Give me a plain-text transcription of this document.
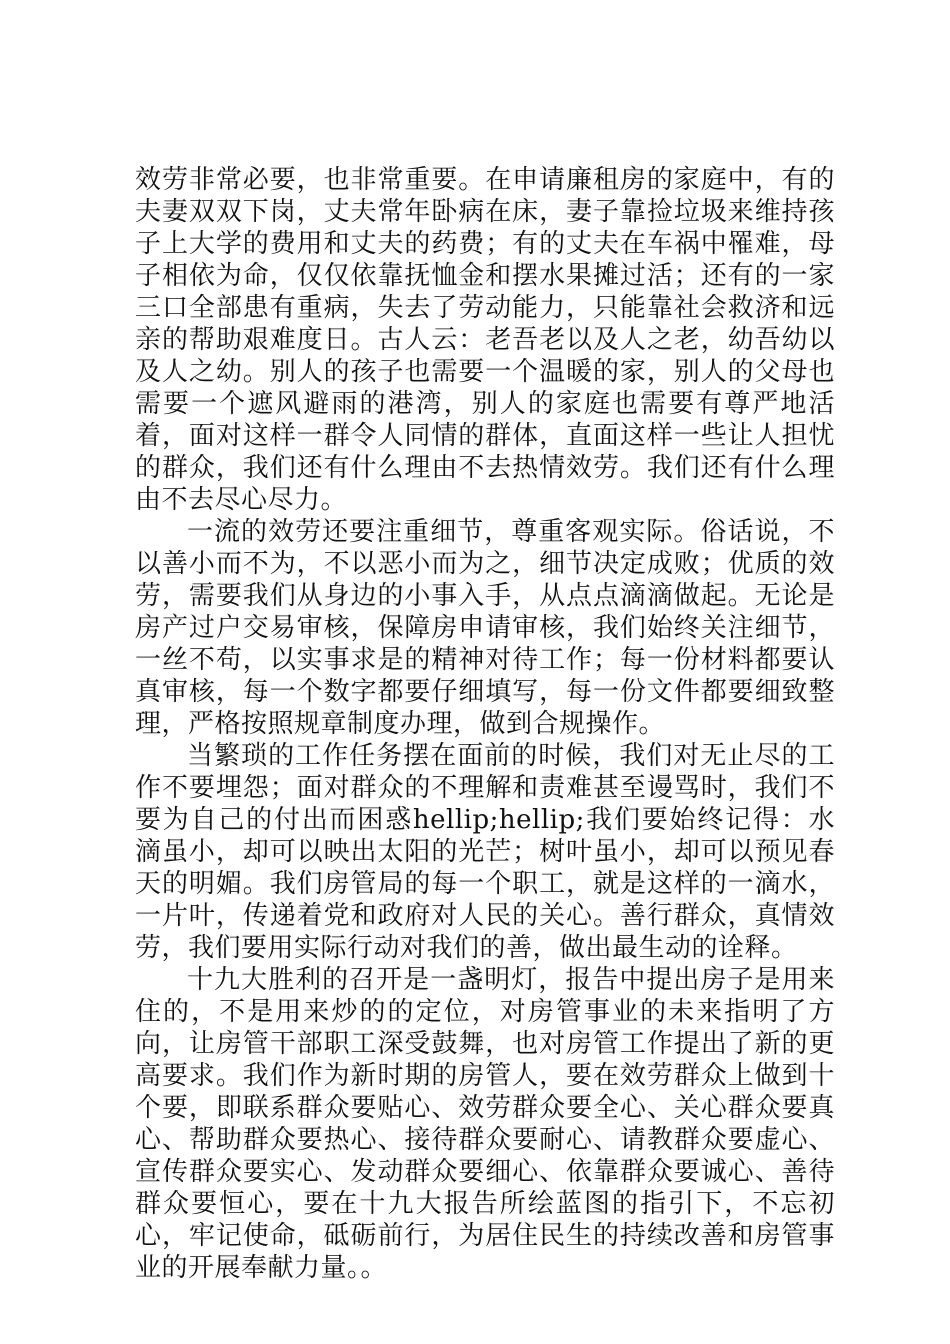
效劳非常必要，也非常重要。在申请廉租房的家庭中，有的夫妻双双下岗，丈夫常年卧病在床，妻子靠捡垃圾来维持孩子上大学的费用和丈夫的药费；有的丈夫在车祸中罹难，母子相依为命，仅仅依靠抚恤金和摆水果摊过活；还有的一家三口全部患有重病，失去了劳动能力，只能靠社会救济和远亲的帮助艰难度日。古人云：老吾老以及人之老，幼吾幼以及人之幼。别人的孩子也需要一个温暖的家，别人的父母也需要一个遮风避雨的港湾，别人的家庭也需要有尊严地活着，面对这样一群令人同情的群体，直面这样一些让人担忧的群众，我们还有什么理由不去热情效劳。我们还有什么理由不去尽心尽力。

一流的效劳还要注重细节，尊重客观实际。俗话说，不以善小而不为，不以恶小而为之，细节决定成败；优质的效劳，需要我们从身边的小事入手，从点点滴滴做起。无论是房产过户交易审核，保障房申请审核，我们始终关注细节，一丝不苟，以实事求是的精神对待工作；每一份材料都要认真审核，每一个数字都要仔细填写，每一份文件都要细致整理，严格按照规章制度办理，做到合规操作。

当繁琐的工作任务摆在面前的时候，我们对无止尽的工作不要埋怨；面对群众的不理解和责难甚至谩骂时，我们不要为自己的付出而困惑hellip;hellip;我们要始终记得：水滴虽小，却可以映出太阳的光芒；树叶虽小，却可以预见春天的明媚。我们房管局的每一个职工，就是这样的一滴水，一片叶，传递着党和政府对人民的关心。善行群众，真情效劳，我们要用实际行动对我们的善，做出最生动的诠释。

十九大胜利的召开是一盏明灯，报告中提出房子是用来住的，不是用来炒的的定位，对房管事业的未来指明了方向，让房管干部职工深受鼓舞，也对房管工作提出了新的更高要求。我们作为新时期的房管人，要在效劳群众上做到十个要，即联系群众要贴心、效劳群众要全心、关心群众要真心、帮助群众要热心、接待群众要耐心、请教群众要虚心、宣传群众要实心、发动群众要细心、依靠群众要诚心、善待群众要恒心，要在十九大报告所绘蓝图的指引下，不忘初心，牢记使命，砥砺前行，为居住民生的持续改善和房管事业的开展奉献力量。。
